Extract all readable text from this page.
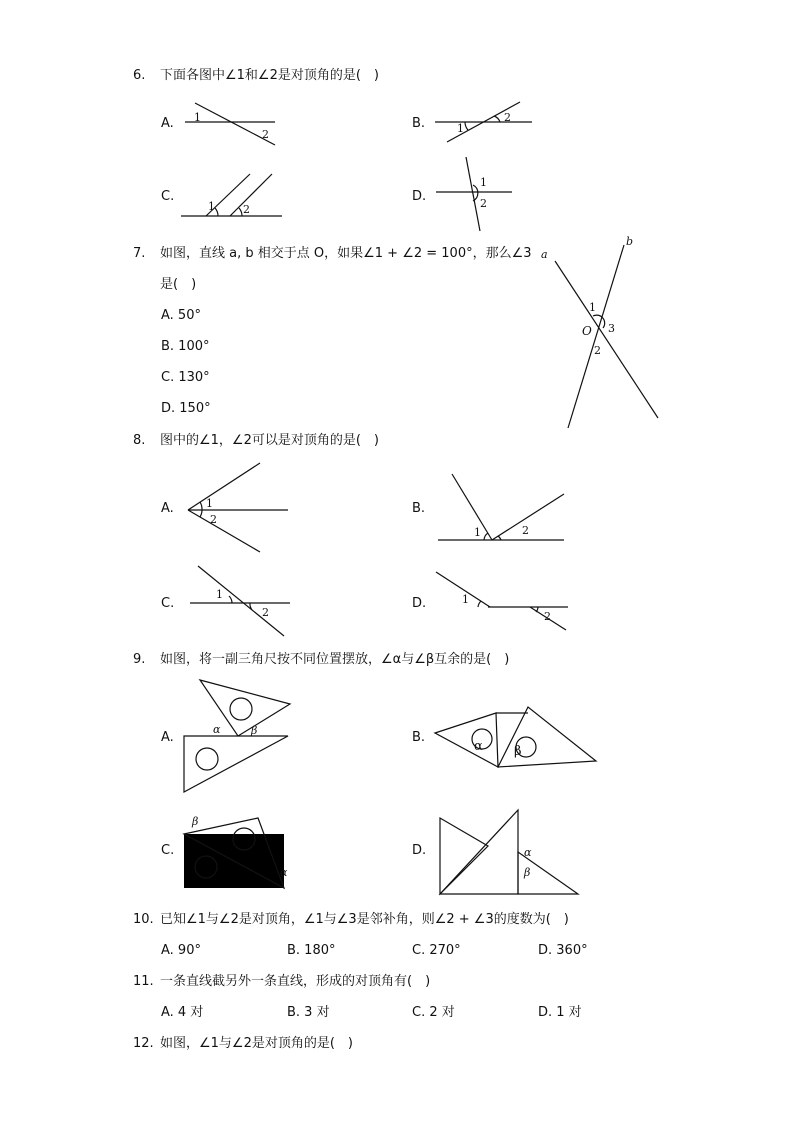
6. 下面各图中∠1和∠2是对顶角的是(　)
A. 1
2
B.	1
2
C.
1	2
D.
1
2
7. 如图，直线 a, b 相交于点 O，如果∠1 + ∠2 = 100°，那么∠3
是(　)
A. 50°
B. 100°
C. 130°
D. 150°
a
b
O
1
3
2
8. 图中的∠1，∠2可以是对顶角的是(　)
A.	1
2
B.
1	2
C.
1
2
D.	1
2
9. 如图，将一副三角尺按不同位置摆放，∠α与∠β互余的是(　)
A.
α	β	B.
α β
C.
β
α
D.	α
β
10. 已知∠1与∠2是对顶角，∠1与∠3是邻补角，则∠2 + ∠3的度数为(　)
A. 90°	B. 180°	C. 270°	D. 360°
11. 一条直线截另外一条直线，形成的对顶角有(　)
A. 4 对	B. 3 对	C. 2 对	D. 1 对
12. 如图，∠1与∠2是对顶角的是(　)
